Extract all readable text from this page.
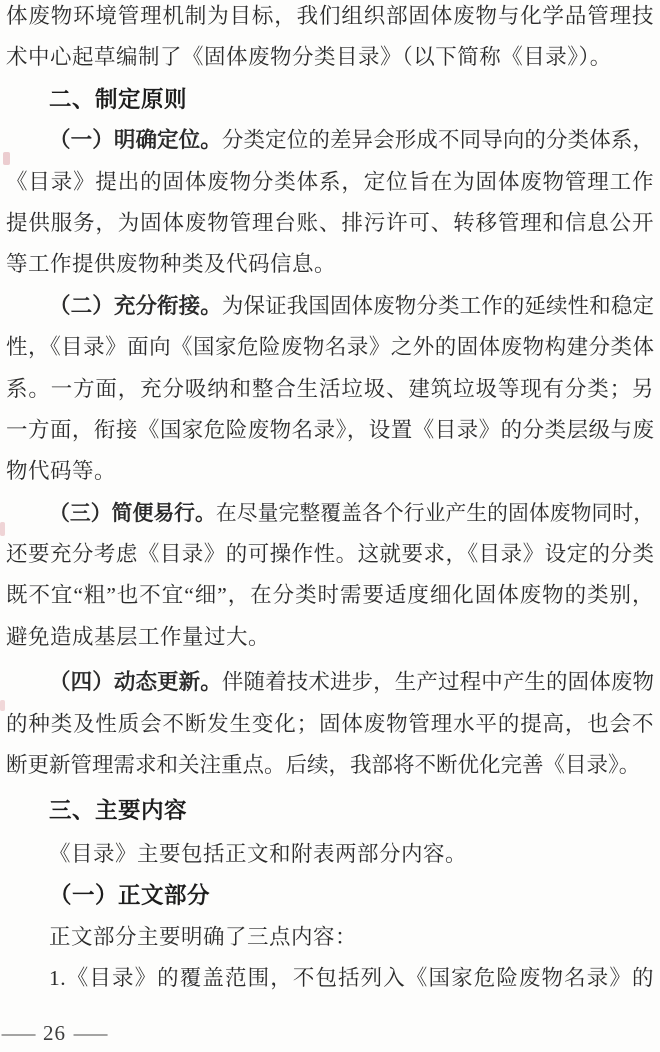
体废物环境管理机制为目标，我们组织部固体废物与化学品管理技
术中心起草编制了《固体废物分类目录》（以下简称《目录》）。
二、制定原则
（一）明确定位。分类定位的差异会形成不同导向的分类体系，
《目录》提出的固体废物分类体系，定位旨在为固体废物管理工作
提供服务，为固体废物管理台账、排污许可、转移管理和信息公开
等工作提供废物种类及代码信息。
（二）充分衔接。为保证我国固体废物分类工作的延续性和稳定
性，《目录》面向《国家危险废物名录》之外的固体废物构建分类体
系。一方面，充分吸纳和整合生活垃圾、建筑垃圾等现有分类；另
一方面，衔接《国家危险废物名录》，设置《目录》的分类层级与废
物代码等。
（三）简便易行。在尽量完整覆盖各个行业产生的固体废物同时，
还要充分考虑《目录》的可操作性。这就要求，《目录》设定的分类
既不宜“粗”也不宜“细”，在分类时需要适度细化固体废物的类别，
避免造成基层工作量过大。
（四）动态更新。伴随着技术进步，生产过程中产生的固体废物
的种类及性质会不断发生变化；固体废物管理水平的提高，也会不
断更新管理需求和关注重点。后续，我部将不断优化完善《目录》。
三、主要内容
《目录》主要包括正文和附表两部分内容。
（一）正文部分
正文部分主要明确了三点内容：
1.《目录》的覆盖范围，不包括列入《国家危险废物名录》的
— 26 —
